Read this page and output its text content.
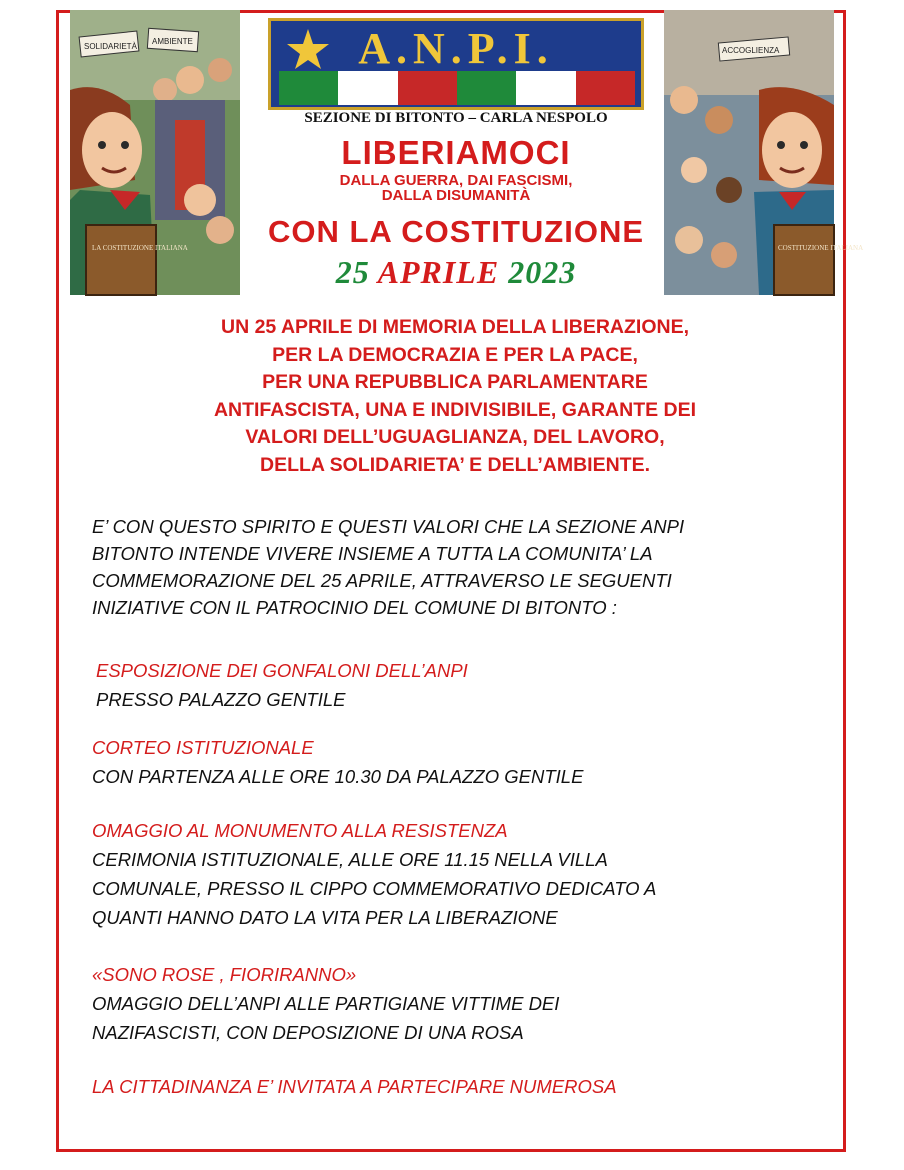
SOLIDARIETÀ
AMBIENTE
LA COSTITUZIONE ITALIANA
ACCOGLIENZA
COSTITUZIONE ITALIANA
A.N.P.I.
SEZIONE DI BITONTO – CARLA NESPOLO
LIBERIAMOCI
DALLA GUERRA, DAI FASCISMI,
DALLA DISUMANITÀ
CON LA COSTITUZIONE
25 APRILE 2023
UN 25 APRILE DI MEMORIA DELLA LIBERAZIONE,
PER LA DEMOCRAZIA E PER LA PACE,
PER UNA REPUBBLICA PARLAMENTARE
ANTIFASCISTA, UNA E INDIVISIBILE, GARANTE DEI
VALORI DELL’UGUAGLIANZA, DEL LAVORO,
DELLA SOLIDARIETA’ E DELL’AMBIENTE.
E’ CON QUESTO SPIRITO E QUESTI VALORI CHE LA SEZIONE ANPI
BITONTO INTENDE VIVERE INSIEME A TUTTA LA COMUNITA’ LA
COMMEMORAZIONE DEL 25 APRILE, ATTRAVERSO LE SEGUENTI
INIZIATIVE CON IL PATROCINIO DEL COMUNE DI BITONTO :
ESPOSIZIONE DEI GONFALONI DELL’ANPI
PRESSO PALAZZO GENTILE
CORTEO ISTITUZIONALE
CON PARTENZA ALLE ORE 10.30 DA PALAZZO GENTILE
OMAGGIO AL MONUMENTO ALLA RESISTENZA
CERIMONIA ISTITUZIONALE, ALLE ORE 11.15 NELLA VILLA
COMUNALE, PRESSO IL CIPPO COMMEMORATIVO DEDICATO A
QUANTI HANNO DATO LA VITA PER LA LIBERAZIONE
«SONO ROSE , FIORIRANNO»
OMAGGIO DELL’ANPI ALLE PARTIGIANE VITTIME DEI
NAZIFASCISTI, CON DEPOSIZIONE DI UNA ROSA
LA CITTADINANZA E’ INVITATA A PARTECIPARE NUMEROSA
